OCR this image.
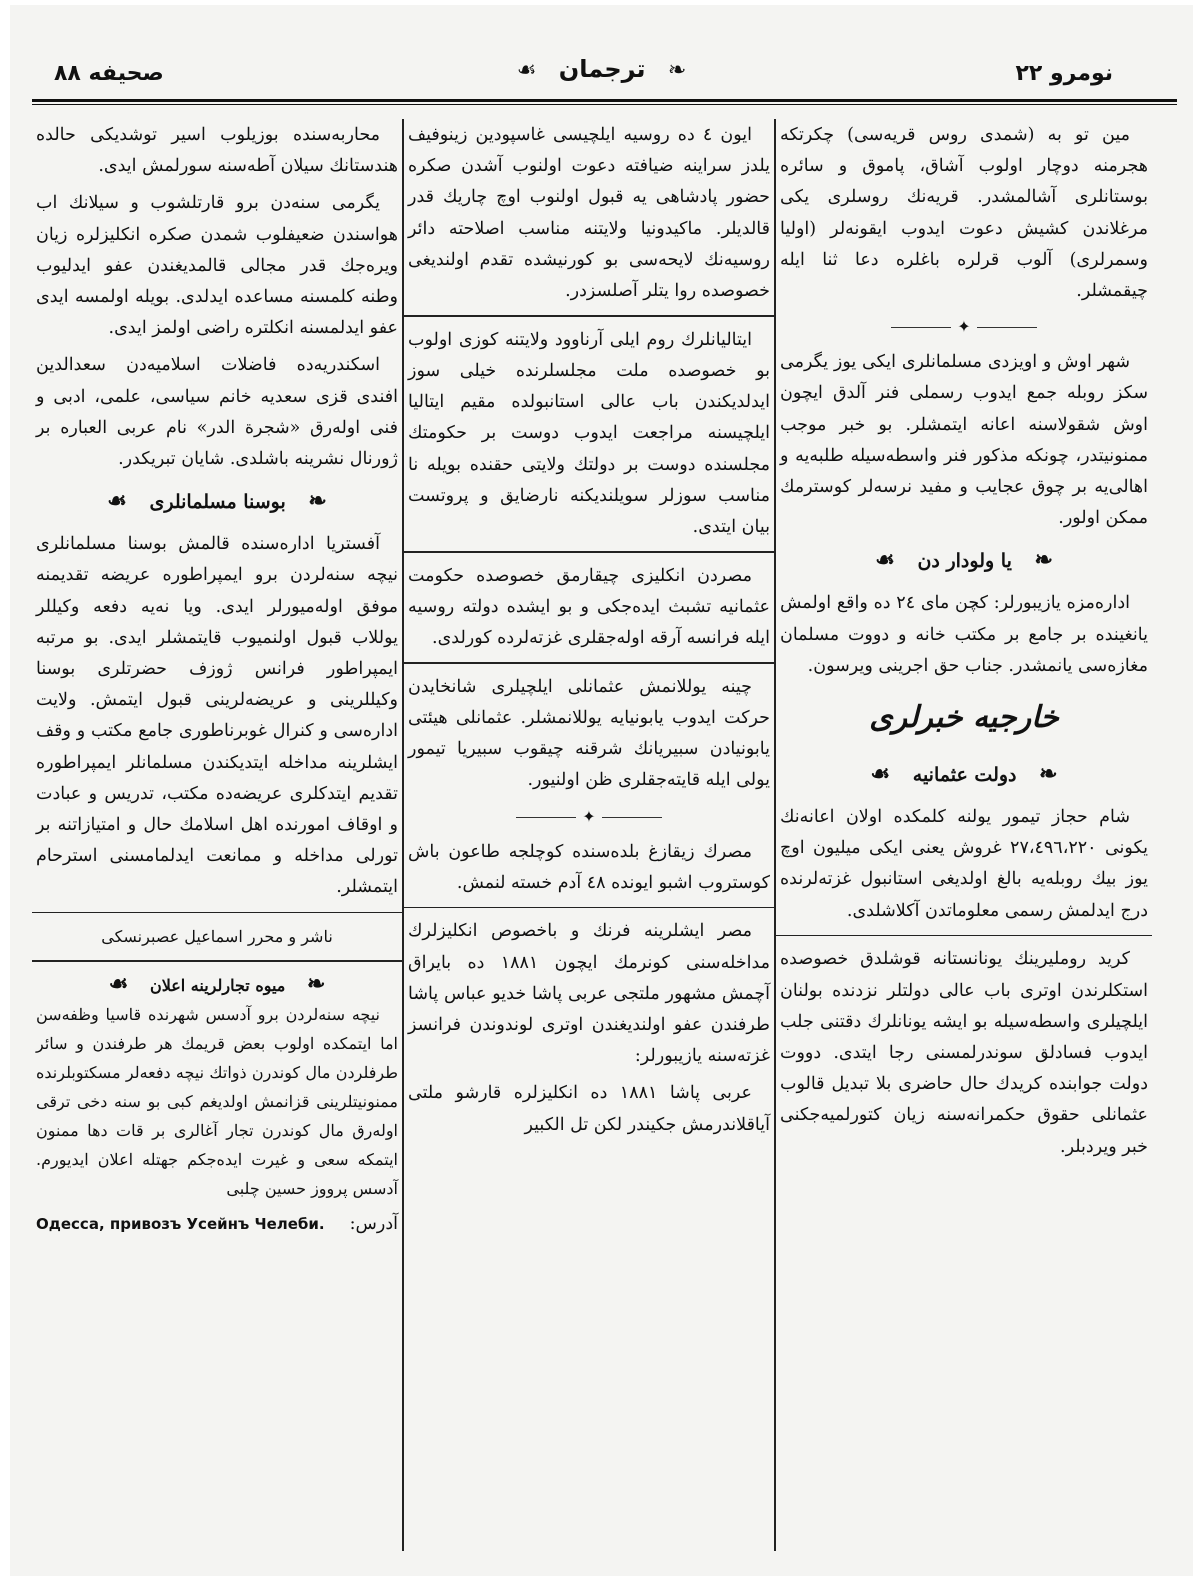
صحيفه ٨٨	❧ ترجمان ☙	نومرو ٢٢

مين تو به (شمدى روس قريه‌سى) چكرتكه هجرمنه دوچار اولوب آشاق، پاموق و سائره بوستانلرى آشالمشدر. قريه‌نك روسلرى يكى مرغلاندن كشيش دعوت ايدوب ايقونه‌لر (اوليا وسمرلرى) آلوب قرلره باغلره دعا ثنا ايله چيقمشلر.

✦

شهر اوش و اويزدى مسلمانلرى ايكى يوز يگرمى سكز روبله جمع ايدوب رسملى فنر آلدق ايچون اوش شقولاسنه اعانه ايتمشلر. بو خبر موجب ممنونيتدر، چونكه مذكور فنر واسطه‌سيله طلبه‌يه و اهالى‌يه بر چوق عجايب و مفيد نرسه‌لر كوسترمك ممكن اولور.

❧ يا ولودار دن ☙

اداره‌مزه يازيبورلر: كچن ماى ٢٤ ده واقع اولمش يانغينده بر جامع بر مكتب خانه و دووت مسلمان مغازه‌سى يانمشدر. جناب حق اجرينى ويرسون.

خارجيه خبرلرى
❧ دولت عثمانيه ☙

شام حجاز تيمور يولنه كلمكده اولان اعانه‌نك يكونى ٢٧،٤٩٦،٢٢٠ غروش يعنى ايكى ميليون اوچ يوز بيك روبله‌يه بالغ اولديغى استانبول غزته‌لرنده درج ايدلمش رسمى معلوماتدن آكلاشلدى.

كريد رومليرينك يونانستانه قوشلدق خصوصده استكلرندن اوترى باب عالى دولتلر نزدنده بولنان ايلچيلرى واسطه‌سيله بو ايشه يونانلرك دقتنى جلب ايدوب فسادلق سوندرلمسنى رجا ايتدى. دووت دولت جوابنده كريدك حال حاضرى بلا تبديل قالوب عثمانلى حقوق حكمرانه‌سنه زيان كتورلميه‌جكنى خبر ويردبلر.

ايون ٤ ده روسيه ايلچيسى غاسپودين زينوفيف يلدز سراينه ضيافته دعوت اولنوب آشدن صكره حضور پادشاهى يه قبول اولنوب اوچ چاريك قدر قالديلر. ماكيدونيا ولايتنه مناسب اصلاحته دائر روسيه‌نك لايحه‌سى بو كورنيشده تقدم اولنديغى خصوصده روا يتلر آصلسزدر.

ايتاليانلرك روم ايلى آرناوود ولايتنه كوزى اولوب بو خصوصده ملت مجلسلرنده خيلى سوز ايدلديكندن باب عالى استانبولده مقيم ايتاليا ايلچيسنه مراجعت ايدوب دوست بر حكومتك مجلسنده دوست بر دولتك ولايتى حقنده بويله نا مناسب سوزلر سويلنديكنه نارضايق و پروتست بيان ايتدى.

مصردن انكليزى چيقارمق خصوصده حكومت عثمانيه تشبث ايده‌جكى و بو ايشده دولته روسيه ايله فرانسه آرقه اوله‌جقلرى غزته‌لرده كورلدى.

چينه يوللانمش عثمانلى ايلچيلرى شانخايدن حركت ايدوب يابونيايه يوللانمشلر. عثمانلى هيئتى يابونيادن سبيريانك شرقنه چيقوب سبيريا تيمور يولى ايله قايته‌جقلرى ظن اولنيور.

✦

مصرك زيقازغ بلده‌سنده كوچلجه طاعون باش كوستروب اشبو ايونده ٤٨ آدم خسته لنمش.

مصر ايشلرينه فرنك و باخصوص انكليزلرك مداخله‌سنى كونرمك ايچون ١٨٨١ ده بايراق آچمش مشهور ملتجى عربى پاشا خديو عباس پاشا طرفندن عفو اولنديغندن اوترى لوندوندن فرانسز غزته‌سنه يازيبورلر:

عربى پاشا ١٨٨١ ده انكليزلره قارشو ملتى آياقلاندرمش جكيندر لكن تل الكبير

محاربه‌سنده بوزيلوب اسير توشديكى حالده هندستانك سيلان آطه‌سنه سورلمش ايدى.

يگرمى سنه‌دن برو قارتلشوب و سيلانك اب هواسندن ضعيفلوب شمدن صكره انكليزلره زيان ويره‌جك قدر مجالى قالمديغندن عفو ايدليوب وطنه كلمسنه مساعده ايدلدى. بويله اولمسه ايدى عفو ايدلمسنه انكلتره راضى اولمز ايدى.

اسكندريه‌ده فاضلات اسلاميه‌دن سعدالدين افندى قزى سعديه خانم سياسى، علمى، ادبى و فنى اوله‌رق «شجرة الدر» نام عربى العباره بر ژورنال نشرينه باشلدى. شايان تبريكدر.

❧ بوسنا مسلمانلرى ☙

آفستريا اداره‌سنده قالمش بوسنا مسلمانلرى نيچه سنه‌لردن برو ايمپراطوره عريضه تقديمنه موفق اوله‌ميورلر ايدى. ويا نه‌يه دفعه وكيللر يوللاب قبول اولنميوب قايتمشلر ايدى. بو مرتبه ايمپراطور فرانس ژوزف حضرتلرى بوسنا وكيللرينى و عريضه‌لرينى قبول ايتمش. ولايت اداره‌سى و كنرال غوبرناطورى جامع مكتب و وقف ايشلرينه مداخله ايتديكندن مسلمانلر ايمپراطوره تقديم ايتدكلرى عريضه‌ده مكتب، تدريس و عبادت و اوقاف امورنده اهل اسلامك حال و امتيازاتنه بر تورلى مداخله و ممانعت ايدلمامسنى استرحام ايتمشلر.

ناشر و محرر اسماعيل عصبرنسكى
❧ ميوه تجارلرينه اعلان ☙

نيچه سنه‌لردن برو آدسس شهرنده قاسيا وظفه‌سن اما ايتمكده اولوب بعض قريمك هر طرفندن و سائر طرفلردن مال كوندرن ذواتك نيچه دفعه‌لر مسكتوبلرنده ممنونيتلرينى قزانمش اولديغم كبى بو سنه دخى ترقى اوله‌رق مال كوندرن تجار آغالرى بر قات دها ممنون ايتمكه سعى و غيرت ايده‌جكم جهتله اعلان ايديورم. آدسس پرووز حسين چلبى

Одесса, привозъ Усейнъ Челеби. آدرس:
